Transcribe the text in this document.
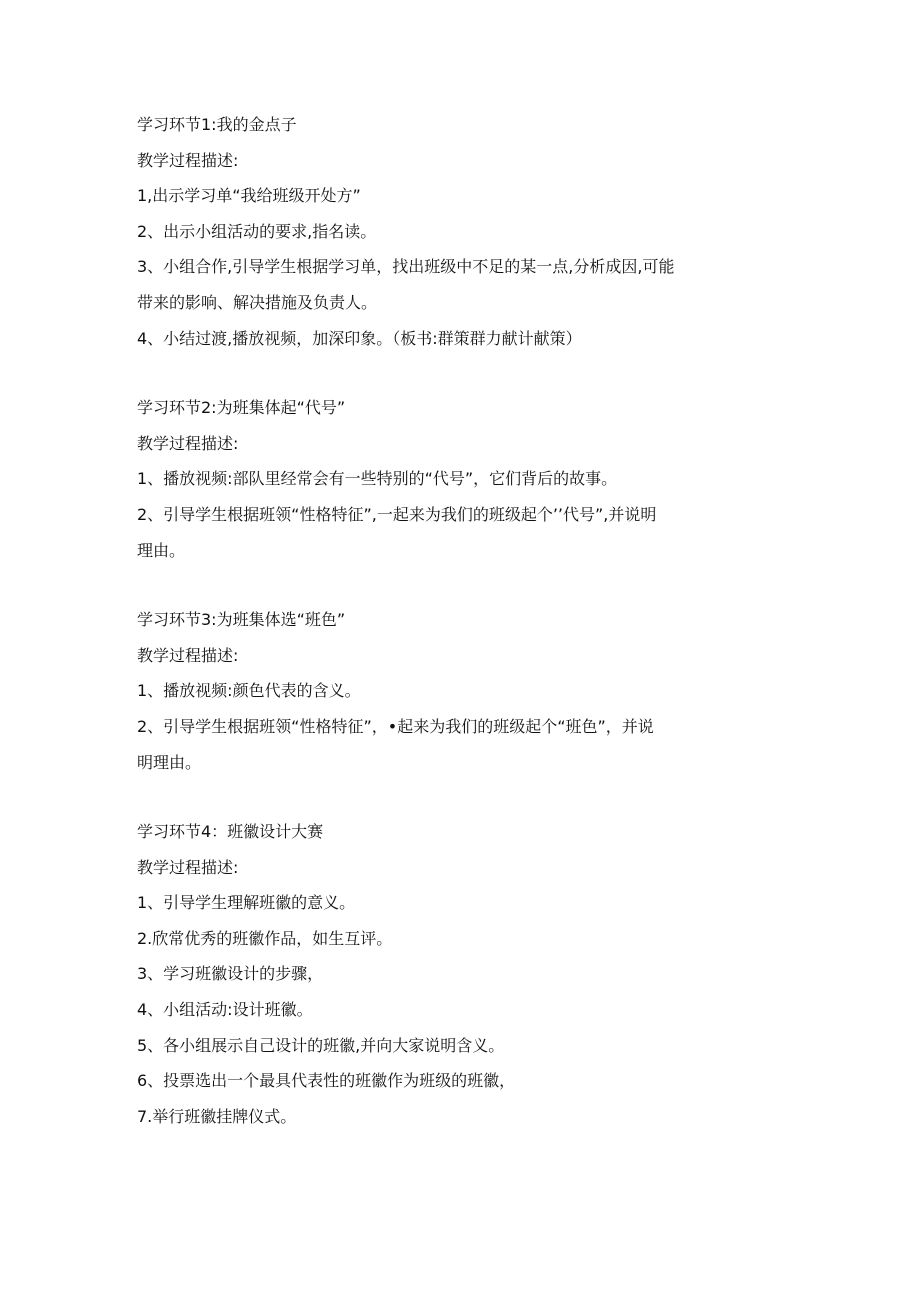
学习环节1:我的金点子
教学过程描述:
1,出示学习单“我给班级开处方”
2、出示小组活动的要求,指名读。
3、小组合作,引导学生根据学习单，找出班级中不足的某一点,分析成因,可能
带来的影响、解决措施及负责人。
4、小结过渡,播放视频，加深印象。（板书:群策群力献计献策）
学习环节2:为班集体起“代号”
教学过程描述:
1、播放视频:部队里经常会有一些特别的“代号”，它们背后的故事。
2、引导学生根据班领“性格特征”,一起来为我们的班级起个’’代号”,并说明
理由。
学习环节3:为班集体选“班色”
教学过程描述:
1、播放视频:颜色代表的含义。
2、引导学生根据班领“性格特征”，•起来为我们的班级起个“班色”，并说
明理由。
学习环节4：班徽设计大赛
教学过程描述:
1、引导学生理解班徽的意义。
2.欣常优秀的班徽作品，如生互评。
3、学习班徽设计的步骤，
4、小组活动:设计班徽。
5、各小组展示自己设计的班徽,并向大家说明含义。
6、投票选出一个最具代表性的班徽作为班级的班徽，
7.举行班徽挂牌仪式。
